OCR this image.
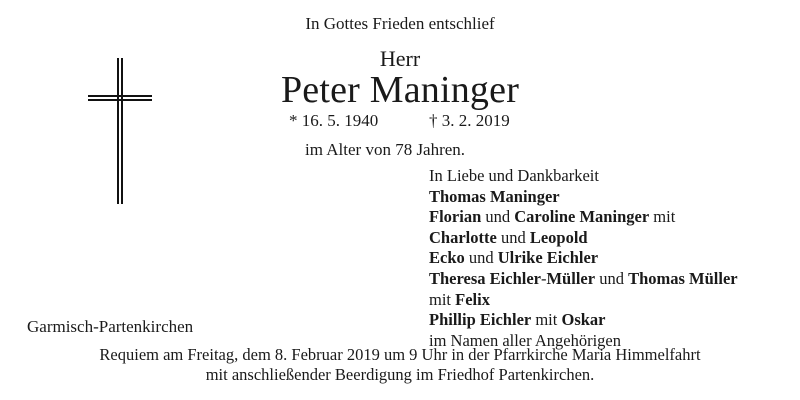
In Gottes Frieden entschlief
Herr
Peter Maninger
* 16. 5. 1940	† 3. 2. 2019
im Alter von 78 Jahren.
In Liebe und Dankbarkeit
Thomas Maninger
Florian und Caroline Maninger mit
Charlotte und Leopold
Ecko und Ulrike Eichler
Theresa Eichler-Müller und Thomas Müller
mit Felix
Phillip Eichler mit Oskar
im Namen aller Angehörigen
Garmisch-Partenkirchen
Requiem am Freitag, dem 8. Februar 2019 um 9 Uhr in der Pfarrkirche Maria Himmelfahrt
mit anschließender Beerdigung im Friedhof Partenkirchen.
